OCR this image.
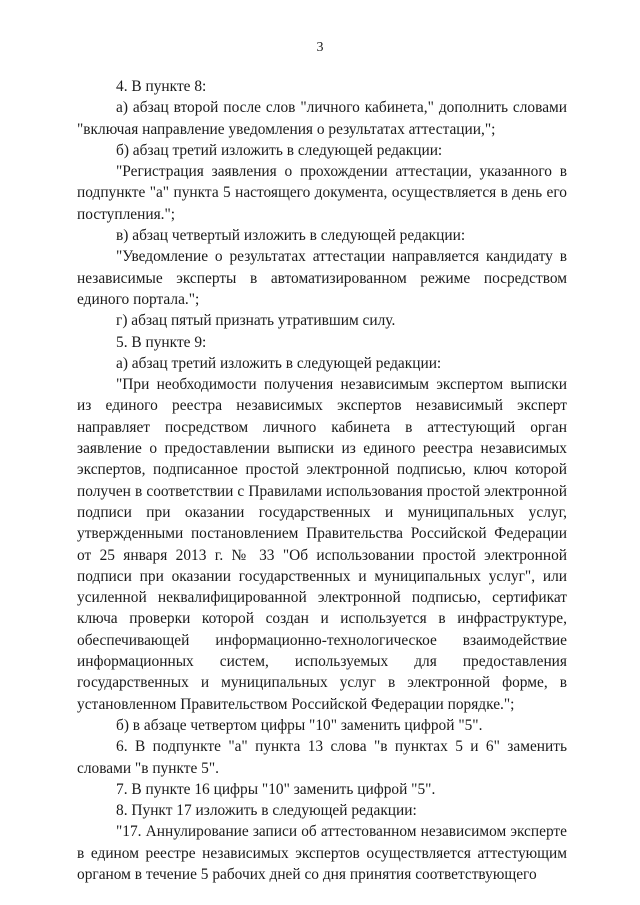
3

4. В пункте 8:

а) абзац второй после слов "личного кабинета," дополнить словами "включая направление уведомления о результатах аттестации,";

б) абзац третий изложить в следующей редакции:

"Регистрация заявления о прохождении аттестации, указанного в подпункте "а" пункта 5 настоящего документа, осуществляется в день его поступления.";

в) абзац четвертый изложить в следующей редакции:

"Уведомление о результатах аттестации направляется кандидату в независимые эксперты в автоматизированном режиме посредством единого портала.";

г) абзац пятый признать утратившим силу.

5. В пункте 9:

а) абзац третий изложить в следующей редакции:

"При необходимости получения независимым экспертом выписки из единого реестра независимых экспертов независимый эксперт направляет посредством личного кабинета в аттестующий орган заявление о предоставлении выписки из единого реестра независимых экспертов, подписанное простой электронной подписью, ключ которой получен в соответствии с Правилами использования простой электронной подписи при оказании государственных и муниципальных услуг, утвержденными постановлением Правительства Российской Федерации от 25 января 2013 г. № 33 "Об использовании простой электронной подписи при оказании государственных и муниципальных услуг", или усиленной неквалифицированной электронной подписью, сертификат ключа проверки которой создан и используется в инфраструктуре, обеспечивающей информационно-технологическое взаимодействие информационных систем, используемых для предоставления государственных и муниципальных услуг в электронной форме, в установленном Правительством Российской Федерации порядке.";

б) в абзаце четвертом цифры "10" заменить цифрой "5".

6. В подпункте "а" пункта 13 слова "в пунктах 5 и 6" заменить словами "в пункте 5".

7. В пункте 16 цифры "10" заменить цифрой "5".

8. Пункт 17 изложить в следующей редакции:

"17. Аннулирование записи об аттестованном независимом эксперте в едином реестре независимых экспертов осуществляется аттестующим органом в течение 5 рабочих дней со дня принятия соответствующего
